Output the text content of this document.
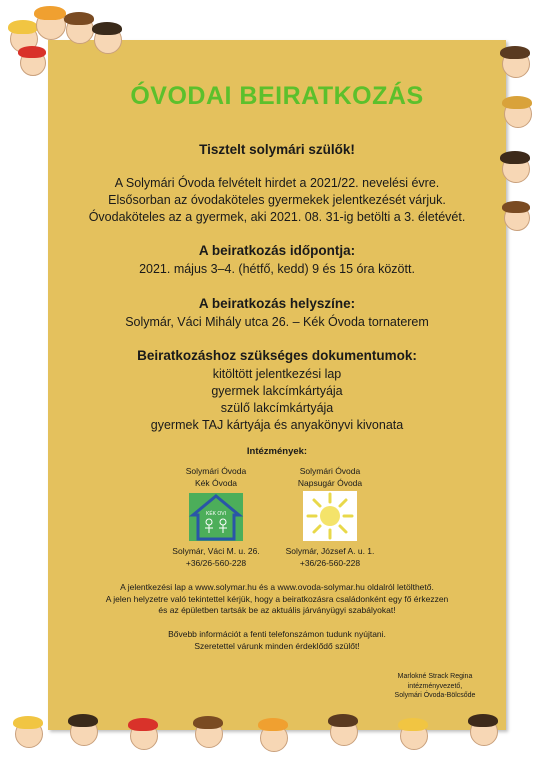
ÓVODAI BEIRATKOZÁS
Tisztelt solymári szülők!
A Solymári Óvoda felvételt hirdet a 2021/22. nevelési évre.
Elsősorban az óvodaköteles gyermekek jelentkezését várjuk.
Óvodaköteles az a gyermek, aki 2021. 08. 31-ig betölti a 3. életévét.
A beiratkozás időpontja:
2021. május 3–4. (hétfő, kedd) 9 és 15 óra között.
A beiratkozás helyszíne:
Solymár, Váci Mihály utca 26. – Kék Óvoda tornaterem
Beiratkozáshoz szükséges dokumentumok:
kitöltött jelentkezési lap
gyermek lakcímkártyája
szülő lakcímkártyája
gyermek TAJ kártyája és anyakönyvi kivonata
Intézmények:
Solymári Óvoda
Kék Óvoda
KÉK OVI
Solymár, Váci M. u. 26.
+36/26-560-228
Solymári Óvoda
Napsugár Óvoda
Solymár, József A. u. 1.
+36/26-560-228
A jelentkezési lap a www.solymar.hu és a www.ovoda-solymar.hu oldalról letölthető.
A jelen helyzetre való tekintettel kérjük, hogy a beiratkozásra családonként egy fő érkezzen
és az épületben tartsák be az aktuális járványügyi szabályokat!
Bővebb információt a fenti telefonszámon tudunk nyújtani.
Szeretettel várunk minden érdeklődő szülőt!
Marlokné Strack Regina
intézményvezető,
Solymári Óvoda-Bölcsőde
